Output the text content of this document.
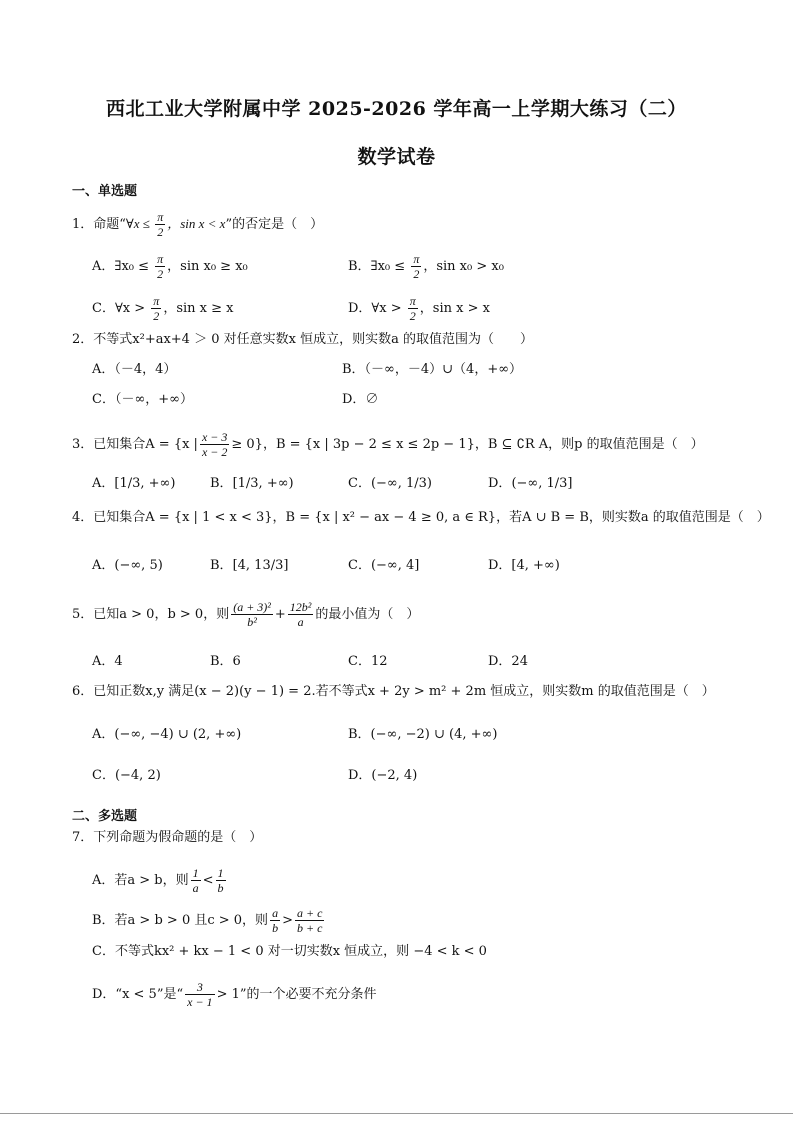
西北工业大学附属中学 2025-2026 学年高一上学期大练习（二）
数学试卷
一、单选题
1．命题“∀x ≤ $\frac{\pi}{2}$ ，sin x < x”的否定是（　）
A．∃x₀ ≤ $\frac{\pi}{2}$ ，sin x₀ ≥ x₀	B．∃x₀ ≤ $\frac{\pi}{2}$ ，sin x₀ > x₀
C．∀x > $\frac{\pi}{2}$ ，sin x ≥ x	D．∀x > $\frac{\pi}{2}$ ，sin x > x
2．不等式x²+ax+4 ＞ 0 对任意实数x 恒成立，则实数a 的取值范围为（　　）
A．（－4，4）	B．（－∞，－4）∪（4，+∞）
C．（－∞，+∞）	D．∅
3．已知集合A = {x | $\frac{x - 3}{x - 2} \ge 0$}，B = {x | 3p − 2 ≤ x ≤ 2p − 1}，B ⊆ ∁R A，则p 的取值范围是（　）
A．[1/3, +∞)	B．[1/3, +∞)	C．(−∞, 1/3)	D．(−∞, 1/3]
4．已知集合A = {x | 1 < x < 3}，B = {x | x² − ax − 4 ≥ 0, a ∈ R}，若A ∪ B = B，则实数a 的取值范围是（　）
A．(−∞, 5)	B．[4, 13/3]	C．(−∞, 4]	D．[4, +∞)
5．已知a > 0，b > 0，则 $\frac{\text{(a + 3)²}}{\text{b²}} + \frac{\text{12b²}}{a}$ 的最小值为（　）
A．4	B．6	C．12	D．24
6．已知正数x,y 满足(x − 2)(y − 1) = 2.若不等式x + 2y > m² + 2m 恒成立，则实数m 的取值范围是（　）
A．(−∞, −4) ∪ (2, +∞)	B．(−∞, −2) ∪ (4, +∞)
C．(−4, 2)	D．(−2, 4)
二、多选题
7．下列命题为假命题的是（　）
A．若a > b，则 $\frac{1}{a} < \frac{1}{b}$
B．若a > b > 0 且c > 0，则 $\frac{a}{b} > \frac{a + c}{b + c}$
C．不等式kx² + kx − 1 < 0 对一切实数x 恒成立，则 −4 < k < 0
D．“x < 5”是“ $\frac{3}{x - 1} > 1$”的一个必要不充分条件
